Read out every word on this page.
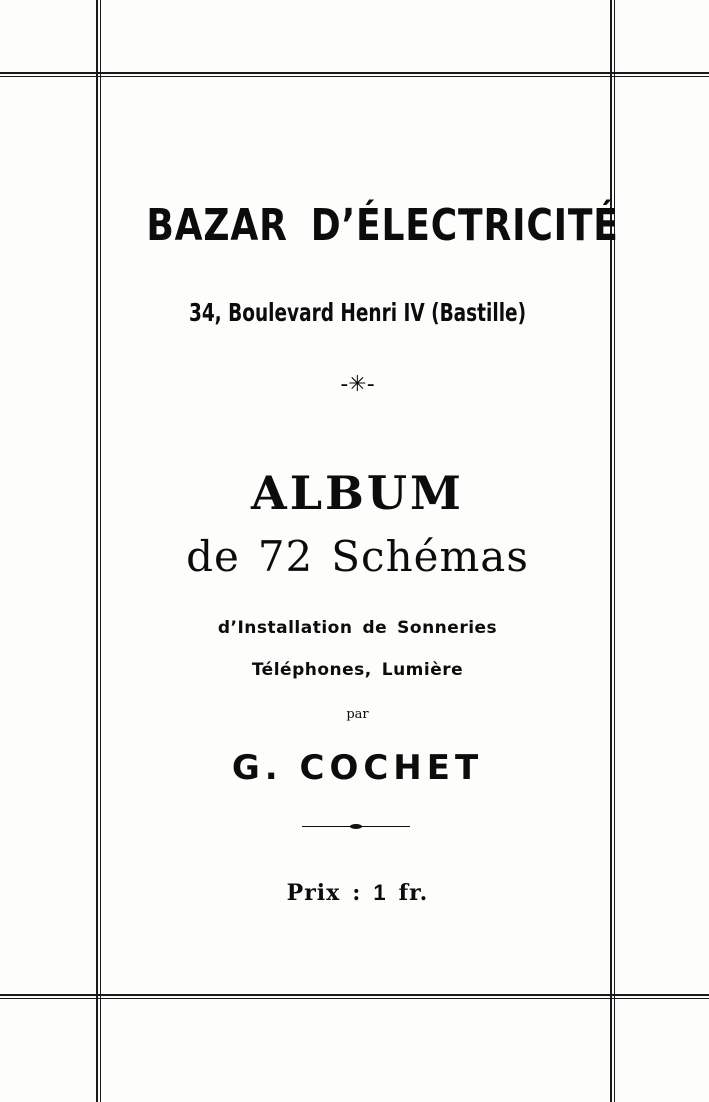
BAZAR D’ÉLECTRICITÉ
34, Boulevard Henri IV (Bastille)
-✳-
ALBUM
de 72 Schémas
d’Installation de Sonneries
Téléphones, Lumière
par
G. COCHET
Prix : 1 fr.
